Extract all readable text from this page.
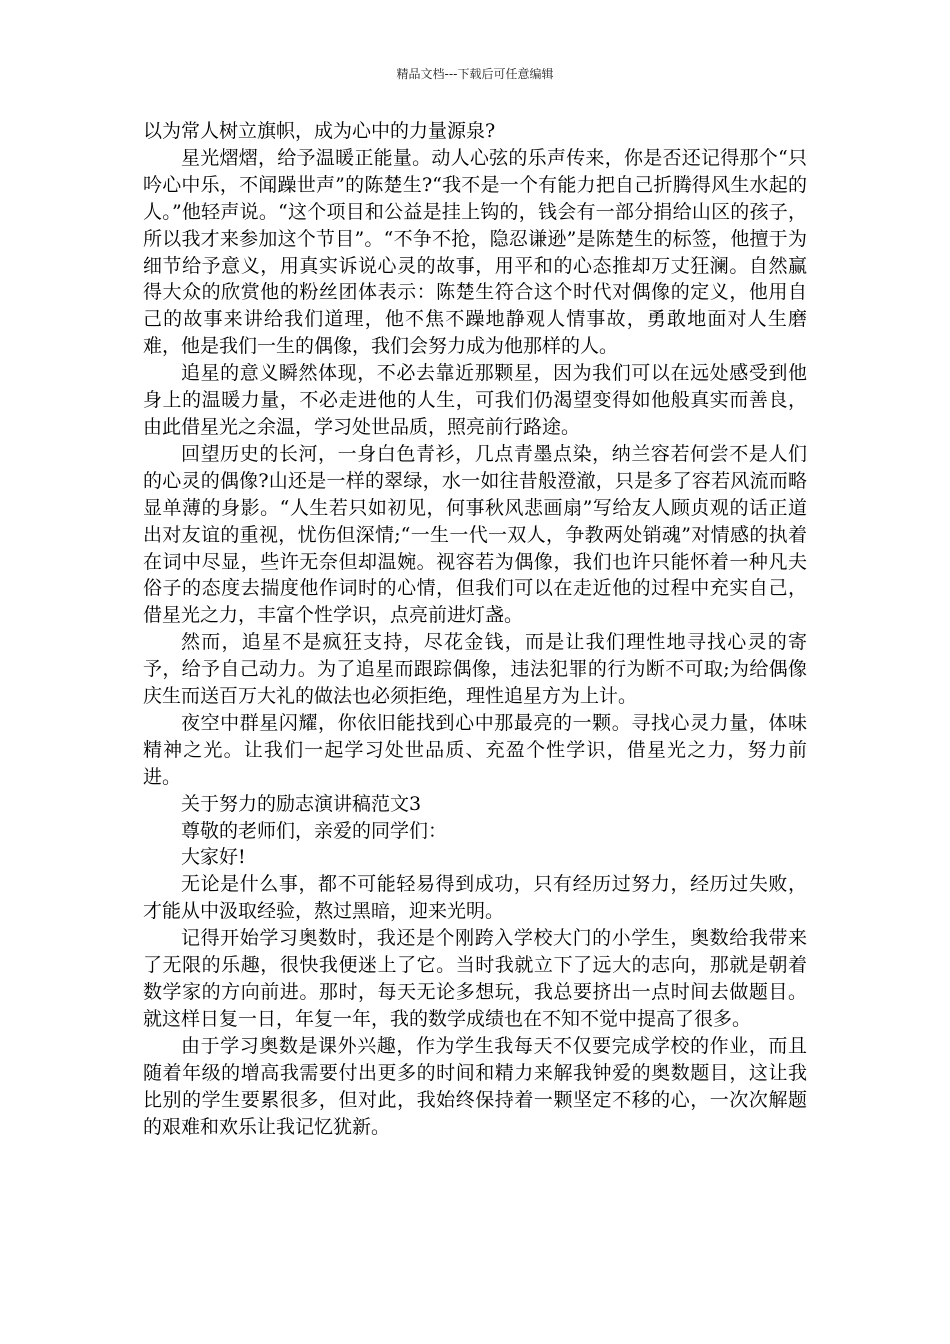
精品文档---下载后可任意编辑

以为常人树立旗帜，成为心中的力量源泉?

星光熠熠，给予温暖正能量。动人心弦的乐声传来，你是否还记得那个“只吟心中乐，不闻躁世声”的陈楚生?“我不是一个有能力把自己折腾得风生水起的人。”他轻声说。“这个项目和公益是挂上钩的，钱会有一部分捐给山区的孩子，所以我才来参加这个节目”。“不争不抢，隐忍谦逊”是陈楚生的标签，他擅于为细节给予意义，用真实诉说心灵的故事，用平和的心态推却万丈狂澜。自然赢得大众的欣赏他的粉丝团体表示：陈楚生符合这个时代对偶像的定义，他用自己的故事来讲给我们道理，他不焦不躁地静观人情事故，勇敢地面对人生磨难，他是我们一生的偶像，我们会努力成为他那样的人。

追星的意义瞬然体现，不必去靠近那颗星，因为我们可以在远处感受到他身上的温暖力量，不必走进他的人生，可我们仍渴望变得如他般真实而善良，由此借星光之余温，学习处世品质，照亮前行路途。

回望历史的长河，一身白色青衫，几点青墨点染，纳兰容若何尝不是人们的心灵的偶像?山还是一样的翠绿，水一如往昔般澄澈，只是多了容若风流而略显单薄的身影。“人生若只如初见，何事秋风悲画扇”写给友人顾贞观的话正道出对友谊的重视，忧伤但深情;“一生一代一双人，争教两处销魂”对情感的执着在词中尽显，些许无奈但却温婉。视容若为偶像，我们也许只能怀着一种凡夫俗子的态度去揣度他作词时的心情，但我们可以在走近他的过程中充实自己，借星光之力，丰富个性学识，点亮前进灯盏。

然而，追星不是疯狂支持，尽花金钱，而是让我们理性地寻找心灵的寄予，给予自己动力。为了追星而跟踪偶像，违法犯罪的行为断不可取;为给偶像庆生而送百万大礼的做法也必须拒绝，理性追星方为上计。

夜空中群星闪耀，你依旧能找到心中那最亮的一颗。寻找心灵力量，体味精神之光。让我们一起学习处世品质、充盈个性学识，借星光之力，努力前进。

关于努力的励志演讲稿范文3

尊敬的老师们，亲爱的同学们：

大家好!

无论是什么事，都不可能轻易得到成功，只有经历过努力，经历过失败，才能从中汲取经验，熬过黑暗，迎来光明。

记得开始学习奥数时，我还是个刚跨入学校大门的小学生，奥数给我带来了无限的乐趣，很快我便迷上了它。当时我就立下了远大的志向，那就是朝着数学家的方向前进。那时，每天无论多想玩，我总要挤出一点时间去做题目。就这样日复一日，年复一年，我的数学成绩也在不知不觉中提高了很多。

由于学习奥数是课外兴趣，作为学生我每天不仅要完成学校的作业，而且随着年级的增高我需要付出更多的时间和精力来解我钟爱的奥数题目，这让我比别的学生要累很多，但对此，我始终保持着一颗坚定不移的心，一次次解题的艰难和欢乐让我记忆犹新。
